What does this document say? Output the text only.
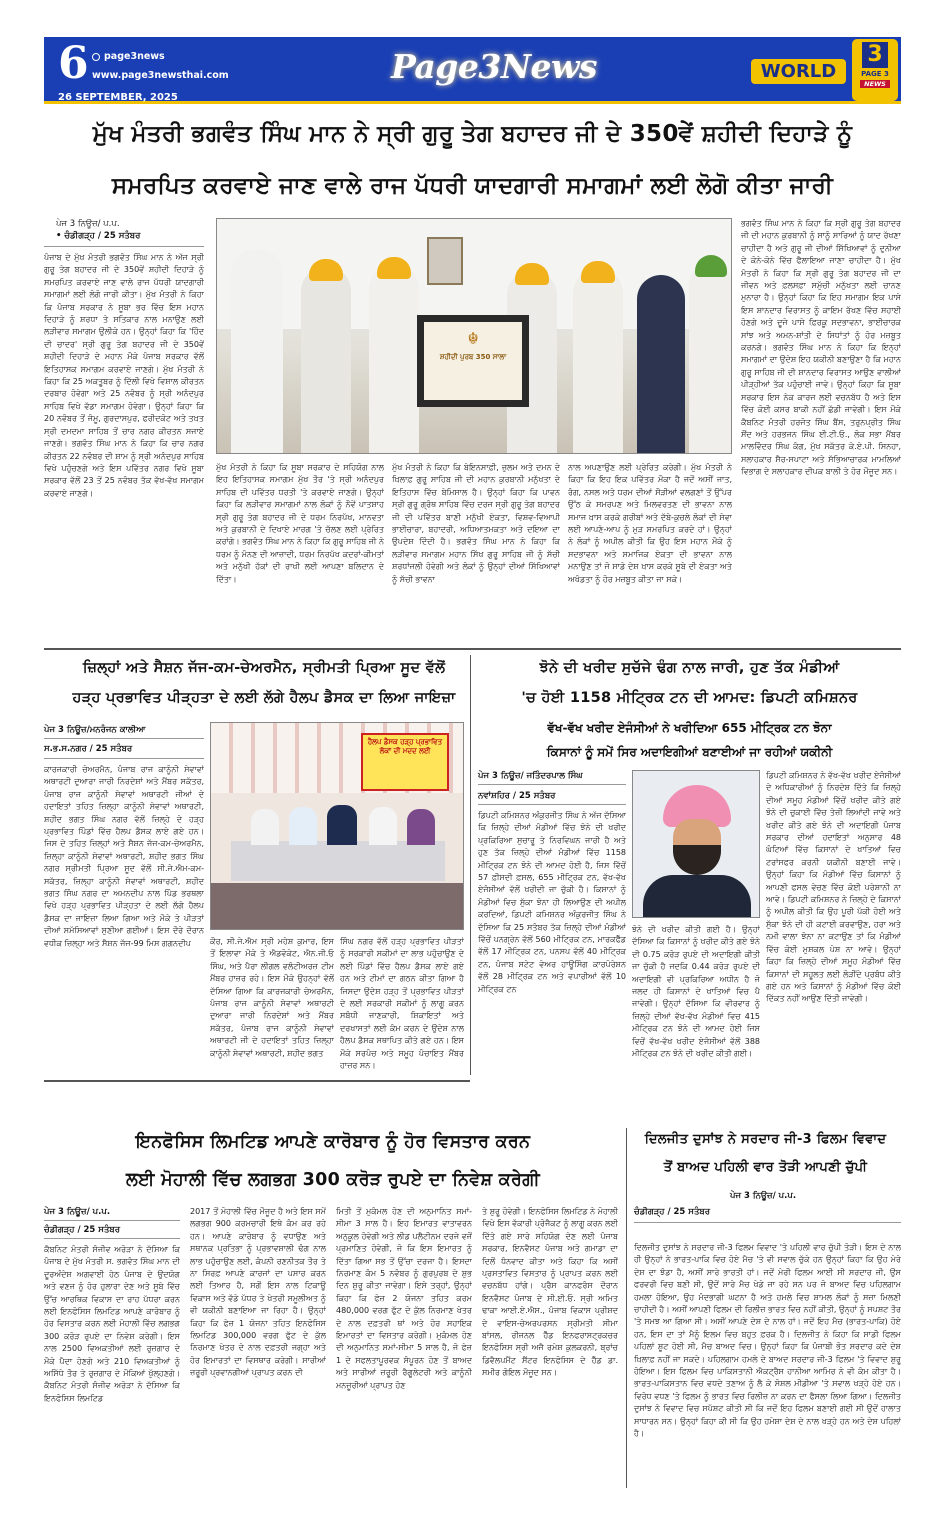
6 page3news
www.page3newsthai.com	Page3News	WORLD
3
PAGE 3
NEWS
26 SEPTEMBER, 2025
ਮੁੱਖ ਮੰਤਰੀ ਭਗਵੰਤ ਸਿੰਘ ਮਾਨ ਨੇ ਸ੍ਰੀ ਗੁਰੂ ਤੇਗ ਬਹਾਦਰ ਜੀ ਦੇ 350ਵੇਂ ਸ਼ਹੀਦੀ ਦਿਹਾੜੇ ਨੂੰ
ਸਮਰਪਿਤ ਕਰਵਾਏ ਜਾਣ ਵਾਲੇ ਰਾਜ ਪੱਧਰੀ ਯਾਦਗਾਰੀ ਸਮਾਗਮਾਂ ਲਈ ਲੋਗੋ ਕੀਤਾ ਜਾਰੀ
ਪੇਜ 3 ਨਿਊਜ਼/ ਪ.ਪ.
• ਚੰਡੀਗੜ੍ਹ / 25 ਸਤੰਬਰ
ਪੰਜਾਬ ਦੇ ਮੁੱਖ ਮੰਤਰੀ ਭਗਵੰਤ ਸਿੰਘ ਮਾਨ ਨੇ ਅੱਜ ਸ੍ਰੀ ਗੁਰੂ ਤੇਗ ਬਹਾਦਰ ਜੀ ਦੇ 350ਵੇਂ ਸ਼ਹੀਦੀ ਦਿਹਾੜੇ ਨੂੰ ਸਮਰਪਿਤ ਕਰਵਾਏ ਜਾਣ ਵਾਲੇ ਰਾਜ ਪੱਧਰੀ ਯਾਦਗਾਰੀ ਸਮਾਗਮਾਂ ਲਈ ਲੋਗੋ ਜਾਰੀ ਕੀਤਾ। ਮੁੱਖ ਮੰਤਰੀ ਨੇ ਕਿਹਾ ਕਿ ਪੰਜਾਬ ਸਰਕਾਰ ਨੇ ਸੂਬਾ ਭਰ ਵਿੱਚ ਇਸ ਮਹਾਨ ਦਿਹਾੜੇ ਨੂੰ ਸ਼ਰਧਾ ਤੇ ਸਤਿਕਾਰ ਨਾਲ ਮਨਾਉਣ ਲਈ ਲੜੀਵਾਰ ਸਮਾਗਮ ਉਲੀਕੇ ਹਨ। ਉਨ੍ਹਾਂ ਕਿਹਾ ਕਿ 'ਹਿੰਦ ਦੀ ਚਾਦਰ' ਸ੍ਰੀ ਗੁਰੂ ਤੇਗ ਬਹਾਦਰ ਜੀ ਦੇ 350ਵੇਂ ਸ਼ਹੀਦੀ ਦਿਹਾੜੇ ਦੇ ਮਹਾਨ ਮੌਕੇ ਪੰਜਾਬ ਸਰਕਾਰ ਵੱਲੋਂ ਇਤਿਹਾਸਕ ਸਮਾਗਮ ਕਰਵਾਏ ਜਾਣਗੇ। ਮੁੱਖ ਮੰਤਰੀ ਨੇ ਕਿਹਾ ਕਿ 25 ਅਕਤੂਬਰ ਨੂੰ ਦਿੱਲੀ ਵਿਖੇ ਵਿਸ਼ਾਲ ਕੀਰਤਨ ਦਰਬਾਰ ਹੋਵੇਗਾ ਅਤੇ 25 ਨਵੰਬਰ ਨੂੰ ਸ੍ਰੀ ਅਨੰਦਪੁਰ ਸਾਹਿਬ ਵਿਖੇ ਵੱਡਾ ਸਮਾਗਮ ਹੋਵੇਗਾ। ਉਨ੍ਹਾਂ ਕਿਹਾ ਕਿ 20 ਨਵੰਬਰ ਤੋਂ ਜੰਮੂ, ਗੁਰਦਾਸਪੁਰ, ਫਰੀਦਕੋਟ ਅਤੇ ਤਖ਼ਤ ਸ੍ਰੀ ਦਮਦਮਾ ਸਾਹਿਬ ਤੋਂ ਚਾਰ ਨਗਰ ਕੀਰਤਨ ਸਜਾਏ ਜਾਣਗੇ। ਭਗਵੰਤ ਸਿੰਘ ਮਾਨ ਨੇ ਕਿਹਾ ਕਿ ਚਾਰ ਨਗਰ ਕੀਰਤਨ 22 ਨਵੰਬਰ ਦੀ ਸ਼ਾਮ ਨੂੰ ਸ੍ਰੀ ਅਨੰਦਪੁਰ ਸਾਹਿਬ ਵਿਖੇ ਪਹੁੰਚਣਗੇ ਅਤੇ ਇਸ ਪਵਿੱਤਰ ਨਗਰ ਵਿਖੇ ਸੂਬਾ ਸਰਕਾਰ ਵੱਲੋਂ 23 ਤੋਂ 25 ਨਵੰਬਰ ਤੱਕ ਵੱਖ-ਵੱਖ ਸਮਾਗਮ ਕਰਵਾਏ ਜਾਣਗੇ।
☬
ਸ਼ਹੀਦੀ ਪੁਰਬ 350 ਸਾਲਾ
ਮੁੱਖ ਮੰਤਰੀ ਨੇ ਕਿਹਾ ਕਿ ਸੂਬਾ ਸਰਕਾਰ ਦੇ ਸਹਿਯੋਗ ਨਾਲ ਇਹ ਇਤਿਹਾਸਕ ਸਮਾਗਮ ਮੁੱਖ ਤੌਰ 'ਤੇ ਸ੍ਰੀ ਅਨੰਦਪੁਰ ਸਾਹਿਬ ਦੀ ਪਵਿੱਤਰ ਧਰਤੀ 'ਤੇ ਕਰਵਾਏ ਜਾਣਗੇ। ਉਨ੍ਹਾਂ ਕਿਹਾ ਕਿ ਲੜੀਵਾਰ ਸਮਾਗਮਾਂ ਨਾਲ ਲੋਕਾਂ ਨੂੰ ਨੌਵੇਂ ਪਾਤਸ਼ਾਹ ਸ੍ਰੀ ਗੁਰੂ ਤੇਗ ਬਹਾਦਰ ਜੀ ਦੇ ਧਰਮ ਨਿਰਪੱਖ, ਮਾਨਵਤਾ ਅਤੇ ਕੁਰਬਾਨੀ ਦੇ ਦਿਖਾਏ ਮਾਰਗ 'ਤੇ ਚੱਲਣ ਲਈ ਪ੍ਰੇਰਿਤ ਕਰਾਂਗੇ। ਭਗਵੰਤ ਸਿੰਘ ਮਾਨ ਨੇ ਕਿਹਾ ਕਿ ਗੁਰੂ ਸਾਹਿਬ ਜੀ ਨੇ ਧਰਮ ਨੂੰ ਮੰਨਣ ਦੀ ਆਜ਼ਾਦੀ, ਧਰਮ ਨਿਰਪੱਖ ਕਦਰਾਂ-ਕੀਮਤਾਂ ਅਤੇ ਮਨੁੱਖੀ ਹੱਕਾਂ ਦੀ ਰਾਖੀ ਲਈ ਆਪਣਾ ਬਲਿਦਾਨ ਦੇ ਦਿੱਤਾ।
ਮੁੱਖ ਮੰਤਰੀ ਨੇ ਕਿਹਾ ਕਿ ਬੇਇਨਸਾਫ਼ੀ, ਜ਼ੁਲਮ ਅਤੇ ਦਮਨ ਦੇ ਖ਼ਿਲਾਫ਼ ਗੁਰੂ ਸਾਹਿਬ ਜੀ ਦੀ ਮਹਾਨ ਕੁਰਬਾਨੀ ਮਨੁੱਖਤਾ ਦੇ ਇਤਿਹਾਸ ਵਿੱਚ ਬੇਮਿਸਾਲ ਹੈ। ਉਨ੍ਹਾਂ ਕਿਹਾ ਕਿ ਪਾਵਨ ਸ੍ਰੀ ਗੁਰੂ ਗ੍ਰੰਥ ਸਾਹਿਬ ਵਿੱਚ ਦਰਜ ਸ੍ਰੀ ਗੁਰੂ ਤੇਗ ਬਹਾਦਰ ਜੀ ਦੀ ਪਵਿੱਤਰ ਬਾਣੀ ਮਨੁੱਖੀ ਏਕਤਾ, ਵਿਸ਼ਵ-ਵਿਆਪੀ ਭਾਈਚਾਰਾ, ਬਹਾਦਰੀ, ਅਧਿਆਤਮਕਤਾ ਅਤੇ ਦਇਆ ਦਾ ਉਪਦੇਸ਼ ਦਿੰਦੀ ਹੈ। ਭਗਵੰਤ ਸਿੰਘ ਮਾਨ ਨੇ ਕਿਹਾ ਕਿ ਲੜੀਵਾਰ ਸਮਾਗਮ ਮਹਾਨ ਸਿੱਖ ਗੁਰੂ ਸਾਹਿਬ ਜੀ ਨੂੰ ਸੱਚੀ ਸ਼ਰਧਾਂਜਲੀ ਹੋਵੇਗੀ ਅਤੇ ਲੋਕਾਂ ਨੂੰ ਉਨ੍ਹਾਂ ਦੀਆਂ ਸਿੱਖਿਆਵਾਂ ਨੂੰ ਸੱਚੀ ਭਾਵਨਾ
ਨਾਲ ਅਪਣਾਉਣ ਲਈ ਪ੍ਰੇਰਿਤ ਕਰੇਗੀ। ਮੁੱਖ ਮੰਤਰੀ ਨੇ ਕਿਹਾ ਕਿ ਇਹ ਇਕ ਪਵਿੱਤਰ ਮੌਕਾ ਹੈ ਜਦੋਂ ਅਸੀਂ ਜਾਤ, ਰੰਗ, ਨਸਲ ਅਤੇ ਧਰਮ ਦੀਆਂ ਸੌੜੀਆਂ ਵਲਗਣਾਂ ਤੋਂ ਉੱਪਰ ਉੱਠ ਕੇ ਸਮਰਪਣ ਅਤੇ ਮਿਲਵਰਤਣ ਦੀ ਭਾਵਨਾ ਨਾਲ ਸਮਾਜ ਖ਼ਾਸ ਕਰਕੇ ਗਰੀਬਾਂ ਅਤੇ ਦੱਬੇ-ਕੁਚਲੇ ਲੋਕਾਂ ਦੀ ਸੇਵਾ ਲਈ ਆਪਣੇ-ਆਪ ਨੂੰ ਮੁੜ ਸਮਰਪਿਤ ਕਰਦੇ ਹਾਂ। ਉਨ੍ਹਾਂ ਨੇ ਲੋਕਾਂ ਨੂੰ ਅਪੀਲ ਕੀਤੀ ਕਿ ਉਹ ਇਸ ਮਹਾਨ ਮੌਕੇ ਨੂੰ ਸਦਭਾਵਨਾ ਅਤੇ ਸਮਾਜਿਕ ਏਕਤਾ ਦੀ ਭਾਵਨਾ ਨਾਲ ਮਨਾਉਣ ਤਾਂ ਜੋ ਸਾਡੇ ਦੇਸ਼ ਖ਼ਾਸ ਕਰਕੇ ਸੂਬੇ ਦੀ ਏਕਤਾ ਅਤੇ ਅਖੰਡਤਾ ਨੂੰ ਹੋਰ ਮਜ਼ਬੂਤ ਕੀਤਾ ਜਾ ਸਕੇ।
ਭਗਵੰਤ ਸਿੰਘ ਮਾਨ ਨੇ ਕਿਹਾ ਕਿ ਸ੍ਰੀ ਗੁਰੂ ਤੇਗ ਬਹਾਦਰ ਜੀ ਦੀ ਮਹਾਨ ਕੁਰਬਾਨੀ ਨੂੰ ਸਾਨੂੰ ਸਾਰਿਆਂ ਨੂੰ ਯਾਦ ਰੱਖਣਾ ਚਾਹੀਦਾ ਹੈ ਅਤੇ ਗੁਰੂ ਜੀ ਦੀਆਂ ਸਿੱਖਿਆਵਾਂ ਨੂੰ ਦੁਨੀਆ ਦੇ ਕੋਨੇ-ਕੋਨੇ ਵਿੱਚ ਫੈਲਾਇਆ ਜਾਣਾ ਚਾਹੀਦਾ ਹੈ। ਮੁੱਖ ਮੰਤਰੀ ਨੇ ਕਿਹਾ ਕਿ ਸ੍ਰੀ ਗੁਰੂ ਤੇਗ ਬਹਾਦਰ ਜੀ ਦਾ ਜੀਵਨ ਅਤੇ ਫ਼ਲਸਫ਼ਾ ਸਮੁੱਚੀ ਮਨੁੱਖਤਾ ਲਈ ਚਾਨਣ ਮੁਨਾਰਾ ਹੈ। ਉਨ੍ਹਾਂ ਕਿਹਾ ਕਿ ਇਹ ਸਮਾਗਮ ਇਕ ਪਾਸੇ ਇਸ ਸ਼ਾਨਦਾਰ ਵਿਰਾਸਤ ਨੂੰ ਕਾਇਮ ਰੱਖਣ ਵਿੱਚ ਸਹਾਈ ਹੋਣਗੇ ਅਤੇ ਦੂਜੇ ਪਾਸੇ ਫ਼ਿਰਕੂ ਸਦਭਾਵਨਾ, ਭਾਈਚਾਰਕ ਸਾਂਝ ਅਤੇ ਅਮਨ-ਸ਼ਾਂਤੀ ਦੇ ਸਿਧਾਂਤਾਂ ਨੂੰ ਹੋਰ ਮਜ਼ਬੂਤ ਕਰਨਗੇ। ਭਗਵੰਤ ਸਿੰਘ ਮਾਨ ਨੇ ਕਿਹਾ ਕਿ ਇਨ੍ਹਾਂ ਸਮਾਗਮਾਂ ਦਾ ਉਦੇਸ਼ ਇਹ ਯਕੀਨੀ ਬਣਾਉਣਾ ਹੈ ਕਿ ਮਹਾਨ ਗੁਰੂ ਸਾਹਿਬ ਜੀ ਦੀ ਸ਼ਾਨਦਾਰ ਵਿਰਾਸਤ ਆਉਣ ਵਾਲੀਆਂ ਪੀੜ੍ਹੀਆਂ ਤੱਕ ਪਹੁੰਚਾਈ ਜਾਵੇ। ਉਨ੍ਹਾਂ ਕਿਹਾ ਕਿ ਸੂਬਾ ਸਰਕਾਰ ਇਸ ਨੇਕ ਕਾਰਜ ਲਈ ਵਚਨਬੱਧ ਹੈ ਅਤੇ ਇਸ ਵਿੱਚ ਕੋਈ ਕਸਰ ਬਾਕੀ ਨਹੀਂ ਛੱਡੀ ਜਾਵੇਗੀ। ਇਸ ਮੌਕੇ ਕੈਬਨਿਟ ਮੰਤਰੀ ਹਰਜੋਤ ਸਿੰਘ ਬੈਂਸ, ਤਰੁਨਪ੍ਰੀਤ ਸਿੰਘ ਸੌਂਦ ਅਤੇ ਹਰਭਜਨ ਸਿੰਘ ਈ.ਟੀ.ਓ., ਲੋਕ ਸਭਾ ਮੈਂਬਰ ਮਾਲਵਿੰਦਰ ਸਿੰਘ ਕੰਗ, ਮੁੱਖ ਸਕੱਤਰ ਕੇ.ਏ.ਪੀ. ਸਿਨਹਾ, ਸਲਾਹਕਾਰ ਸੈਰ-ਸਪਾਟਾ ਅਤੇ ਸੱਭਿਆਚਾਰਕ ਮਾਮਲਿਆਂ ਵਿਭਾਗ ਦੇ ਸਲਾਹਕਾਰ ਦੀਪਕ ਬਾਲੀ ਤੇ ਹੋਰ ਮੌਜੂਦ ਸਨ।
ਜ਼ਿਲ੍ਹਾਂ ਅਤੇ ਸੈਸ਼ਨ ਜੱਜ-ਕਮ-ਚੇਅਰਮੈਨ, ਸ੍ਰੀਮਤੀ ਪ੍ਰਿਆ ਸੂਦ ਵੱਲੋਂ
ਹੜ੍ਹ ਪ੍ਰਭਾਵਿਤ ਪੀੜ੍ਹਤਾ ਦੇ ਲਈ ਲੱਗੇ ਹੈਲਪ ਡੈਸਕ ਦਾ ਲਿਆ ਜਾਇਜ਼ਾ
ਪੇਜ 3 ਨਿਊਜ਼/ਮਨਰੰਜਨ ਕਾਲੀਆ
ਸ.ਭ.ਸ.ਨਗਰ / 25 ਸਤੰਬਰ
ਕਾਰਜਕਾਰੀ ਚੇਅਰਮੈਨ, ਪੰਜਾਬ ਰਾਜ ਕਾਨੂੰਨੀ ਸੇਵਾਵਾਂ ਅਥਾਰਟੀ ਦੁਆਰਾ ਜਾਰੀ ਨਿਰਦੇਸ਼ਾਂ ਅਤੇ ਮੈਂਬਰ ਸਕੱਤਰ, ਪੰਜਾਬ ਰਾਜ ਕਾਨੂੰਨੀ ਸੇਵਾਵਾਂ ਅਥਾਰਟੀ ਜੀਆਂ ਦੇ ਹਦਾਇਤਾਂ ਤਹਿਤ ਜ਼ਿਲ੍ਹਾ ਕਾਨੂੰਨੀ ਸੇਵਾਵਾਂ ਅਥਾਰਟੀ, ਸ਼ਹੀਦ ਭਗਤ ਸਿੰਘ ਨਗਰ ਵੱਲੋਂ ਜ਼ਿਲ੍ਹੇ ਦੇ ਹੜ੍ਹ ਪ੍ਰਭਾਵਿਤ ਪਿੰਡਾਂ ਵਿੱਚ ਹੈਲਪ ਡੈਸਕ ਲਾਏ ਗਏ ਹਨ। ਜਿਸ ਦੇ ਤਹਿਤ ਜ਼ਿਲ੍ਹਾਂ ਅਤੇ ਸੈਸ਼ਨ ਜੱਜ-ਕਮ-ਚੇਅਰਮੈਨ, ਜ਼ਿਲ੍ਹਾ ਕਾਨੂੰਨੀ ਸੇਵਾਵਾਂ ਅਥਾਰਟੀ, ਸ਼ਹੀਦ ਭਗਤ ਸਿੰਘ ਨਗਰ ਸ੍ਰੀਮਤੀ ਪ੍ਰਿਆ ਸੂਦ ਵੱਲੋਂ ਸੀ.ਜੇ.ਐਮ-ਕਮ-ਸਕੱਤਰ, ਜ਼ਿਲ੍ਹਾ ਕਾਨੂੰਨੀ ਸੇਵਾਵਾਂ ਅਥਾਰਟੀ, ਸ਼ਹੀਦ ਭਗਤ ਸਿੰਘ ਨਗਰ ਦਾ ਅਮਨਦੀਪ ਨਾਲ ਪਿੰਡ ਭਰਥਲਾ ਵਿਖੇ ਹੜ੍ਹ ਪ੍ਰਭਾਵਿਤ ਪੀੜ੍ਹਤਾ ਦੇ ਲਈ ਲੱਗੇ ਹੈਲਪ ਡੈਸਕ ਦਾ ਜਾਇਜ਼ਾ ਲਿਆ ਗਿਆ ਅਤੇ ਮੌਕੇ ਤੇ ਪੀੜਤਾਂ ਦੀਆਂ ਸਮੱਸਿਆਵਾਂ ਸੁਣੀਆ ਗਈਆਂ। ਇਸ ਦੌਰੇ ਦੌਰਾਨ ਵਧੀਕ ਜ਼ਿਲ੍ਹਾ ਅਤੇ ਸੈਸ਼ਨ ਜੱਜ-99 ਮਿਸ ਗਗਨਦੀਪ
ਹੈਲਪ ਡੈਸਕ ਹੜ੍ਹ ਪ੍ਰਭਾਵਿਤ ਲੋਕਾਂ ਦੀ ਮਦਦ ਲਈ
ਕੌਰ, ਸੀ.ਜੇ.ਐਮ ਸ੍ਰੀ ਮਹੇਸ਼ ਕੁਮਾਰ, ਇਸ ਤੋਂ ਇਲਾਵਾ ਮੌਕੇ ਤੇ ਐਡਵੋਕੇਟ, ਐਨ.ਜੀ.ਓ ਸਿੰਘ, ਅਤੇ ਪੈਰਾ ਲੀਗਲ ਵਲੰਟੀਅਰਜ਼ ਟੀਮ ਮੈਂਬਰ ਹਾਜ਼ਰ ਰਹੇ। ਇਸ ਮੌਕੇ ਉਹਨ੍ਹਾਂ ਵੱਲੋਂ ਦੱਸਿਆ ਗਿਆ ਕਿ ਕਾਰਜਕਾਰੀ ਚੇਅਰਮੈਨ, ਪੰਜਾਬ ਰਾਜ ਕਾਨੂੰਨੀ ਸੇਵਾਵਾਂ ਅਥਾਰਟੀ ਦੁਆਰਾ ਜਾਰੀ ਨਿਰਦੇਸ਼ਾਂ ਅਤੇ ਮੈਂਬਰ ਸਕੱਤਰ, ਪੰਜਾਬ ਰਾਜ ਕਾਨੂੰਨੀ ਸੇਵਾਵਾਂ ਅਥਾਰਟੀ ਜੀ ਦੇ ਹਦਾਇਤਾਂ ਤਹਿਤ ਜ਼ਿਲ੍ਹਾ ਕਾਨੂੰਨੀ ਸੇਵਾਵਾਂ ਅਥਾਰਟੀ, ਸ਼ਹੀਦ ਭਗਤ
ਸਿੰਘ ਨਗਰ ਵੱਲੋਂ ਹੜ੍ਹ ਪ੍ਰਭਾਵਿਤ ਪੀੜਤਾਂ ਨੂੰ ਸਰਕਾਰੀ ਸਕੀਮਾਂ ਦਾ ਲਾਭ ਪਹੁੰਚਾਉਣ ਦੇ ਲਈ ਪਿੰਡਾਂ ਵਿੱਚ ਹੈਲਪ ਡੈਸਕ ਲਾਏ ਗਏ ਹਨ ਅਤੇ ਟੀਮਾਂ ਦਾ ਗਠਨ ਕੀਤਾ ਗਿਆ ਹੈ ਜਿਸਦਾ ਉਦੇਸ਼ ਹੜ੍ਹ ਤੋਂ ਪ੍ਰਭਾਵਿਤ ਪੀੜਤਾਂ ਦੇ ਲਈ ਸਰਕਾਰੀ ਸਕੀਮਾਂ ਨੂੰ ਲਾਗੂ ਕਰਨ ਸਬੰਧੀ ਜਾਣਕਾਰੀ, ਸ਼ਿਕਾਇਤਾਂ ਅਤੇ ਦਰਖਾਸਤਾਂ ਲਈ ਕੰਮ ਕਰਨ ਦੇ ਉਦੇਸ਼ ਨਾਲ ਹੈਲਪ ਡੈਸਕ ਸਥਾਪਿਤ ਕੀਤੇ ਗਏ ਹਨ। ਇਸ ਮੌਕੇ ਸਰਪੰਚ ਅਤੇ ਸਮੂਹ ਪੰਚਾਇਤ ਮੈਂਬਰ ਹਾਜ਼ਰ ਸਨ।
ਝੋਨੇ ਦੀ ਖਰੀਦ ਸੁਚੱਜੇ ਢੰਗ ਨਾਲ ਜਾਰੀ, ਹੁਣ ਤੱਕ ਮੰਡੀਆਂ
'ਚ ਹੋਈ 1158 ਮੀਟ੍ਰਿਕ ਟਨ ਦੀ ਆਮਦ: ਡਿਪਟੀ ਕਮਿਸ਼ਨਰ
ਵੱਖ-ਵੱਖ ਖਰੀਦ ਏਜੰਸੀਆਂ ਨੇ ਖਰੀਦਿਆ 655 ਮੀਟ੍ਰਿਕ ਟਨ ਝੋਨਾ
ਕਿਸਾਨਾਂ ਨੂੰ ਸਮੇਂ ਸਿਰ ਅਦਾਇਗੀਆਂ ਬਣਾਈਆਂ ਜਾ ਰਹੀਆਂ ਯਕੀਨੀ
ਪੇਜ 3 ਨਿਊਜ਼/ ਜਤਿੰਦਰਪਾਲ ਸਿੰਘ
ਨਵਾਂਸ਼ਹਿਰ / 25 ਸਤੰਬਰ
ਡਿਪਟੀ ਕਮਿਸ਼ਨਰ ਅੰਕੁਰਜੀਤ ਸਿੰਘ ਨੇ ਅੱਜ ਦੱਸਿਆ ਕਿ ਜ਼ਿਲ੍ਹੇ ਦੀਆਂ ਮੰਡੀਆਂ ਵਿੱਚ ਝੋਨੇ ਦੀ ਖਰੀਦ ਪ੍ਰਕਿਰਿਆ ਸੁਚਾਰੂ ਤੇ ਨਿਰਵਿਘਨ ਜਾਰੀ ਹੈ ਅਤੇ ਹੁਣ ਤੱਕ ਜ਼ਿਲ੍ਹੇ ਦੀਆਂ ਮੰਡੀਆਂ ਵਿੱਚ 1158 ਮੀਟ੍ਰਿਕ ਟਨ ਝੋਨੇ ਦੀ ਆਮਦ ਹੋਈ ਹੈ, ਜਿਸ ਵਿੱਚੋਂ 57 ਫ਼ੀਸਦੀ ਫ਼ਸਲ, 655 ਮੀਟ੍ਰਿਕ ਟਨ, ਵੱਖ-ਵੱਖ ਏਜੰਸੀਆਂ ਵੱਲੋਂ ਖਰੀਦੀ ਜਾ ਚੁੱਕੀ ਹੈ। ਕਿਸਾਨਾਂ ਨੂੰ ਮੰਡੀਆਂ ਵਿਚ ਸੁੱਕਾ ਝੋਨਾ ਹੀ ਲਿਆਉਣ ਦੀ ਅਪੀਲ ਕਰਦਿਆਂ, ਡਿਪਟੀ ਕਮਿਸ਼ਨਰ ਅੰਕੁਰਜੀਤ ਸਿੰਘ ਨੇ ਦੱਸਿਆ ਕਿ 25 ਸਤੰਬਰ ਤੱਕ ਜ਼ਿਲ੍ਹੇ ਦੀਆਂ ਮੰਡੀਆਂ ਵਿੱਚੋਂ ਪਨਗ੍ਰੇਨ ਵੱਲੋਂ 560 ਮੀਟ੍ਰਿਕ ਟਨ, ਮਾਰਕਫੈੱਡ ਵੱਲੋਂ 17 ਮੀਟ੍ਰਿਕ ਟਨ, ਪਨਸਪ ਵੱਲੋਂ 40 ਮੀਟ੍ਰਿਕ ਟਨ, ਪੰਜਾਬ ਸਟੇਟ ਵੇਅਰ ਹਾਊਸਿੰਗ ਕਾਰਪੋਰੇਸ਼ਨ ਵੱਲੋਂ 28 ਮੀਟ੍ਰਿਕ ਟਨ ਅਤੇ ਵਪਾਰੀਆਂ ਵੱਲੋਂ 10 ਮੀਟ੍ਰਿਕ ਟਨ
ਝੋਨੇ ਦੀ ਖਰੀਦ ਕੀਤੀ ਗਈ ਹੈ। ਉਨ੍ਹਾਂ ਦੱਸਿਆ ਕਿ ਕਿਸਾਨਾਂ ਨੂੰ ਖਰੀਦ ਕੀਤੇ ਗਏ ਝੋਨੇ ਦੀ 0.75 ਕਰੋੜ ਰੁਪਏ ਦੀ ਅਦਾਇਗੀ ਕੀਤੀ ਜਾ ਚੁੱਕੀ ਹੈ ਜਦਕਿ 0.44 ਕਰੋੜ ਰੁਪਏ ਦੀ ਅਦਾਇਗੀ ਵੀ ਪ੍ਰਕਿਰਿਆ ਅਧੀਨ ਹੈ ਜੋ ਜਲਦ ਹੀ ਕਿਸਾਨਾਂ ਦੇ ਖਾਤਿਆਂ ਵਿਚ ਪੈ ਜਾਵੇਗੀ। ਉਨ੍ਹਾਂ ਦੱਸਿਆ ਕਿ ਵੀਰਵਾਰ ਨੂੰ ਜ਼ਿਲ੍ਹੇ ਦੀਆਂ ਵੱਖ-ਵੱਖ ਮੰਡੀਆਂ ਵਿਚ 415 ਮੀਟ੍ਰਿਕ ਟਨ ਝੋਨੇ ਦੀ ਆਮਦ ਹੋਈ ਜਿਸ ਵਿਚੋਂ ਵੱਖ-ਵੱਖ ਖਰੀਦ ਏਜੰਸੀਆਂ ਵੱਲੋਂ 388 ਮੀਟ੍ਰਿਕ ਟਨ ਝੋਨੇ ਦੀ ਖਰੀਦ ਕੀਤੀ ਗਈ।
ਡਿਪਟੀ ਕਮਿਸ਼ਨਰ ਨੇ ਵੱਖ-ਵੱਖ ਖਰੀਦ ਏਜੰਸੀਆਂ ਦੇ ਅਧਿਕਾਰੀਆਂ ਨੂੰ ਨਿਰਦੇਸ਼ ਦਿੱਤੇ ਕਿ ਜ਼ਿਲ੍ਹੇ ਦੀਆਂ ਸਮੂਹ ਮੰਡੀਆਂ ਵਿੱਚੋਂ ਖਰੀਦ ਕੀਤੇ ਗਏ ਝੋਨੇ ਦੀ ਚੁਕਾਈ ਵਿੱਚ ਤੇਜ਼ੀ ਲਿਆਂਦੀ ਜਾਵੇ ਅਤੇ ਖਰੀਦ ਕੀਤੇ ਗਏ ਝੋਨੇ ਦੀ ਅਦਾਇਗੀ ਪੰਜਾਬ ਸਰਕਾਰ ਦੀਆਂ ਹਦਾਇਤਾਂ ਅਨੁਸਾਰ 48 ਘੰਟਿਆਂ ਵਿੱਚ ਕਿਸਾਨਾਂ ਦੇ ਖਾਤਿਆਂ ਵਿਚ ਟਰਾਂਸਫਰ ਕਰਨੀ ਯਕੀਨੀ ਬਣਾਈ ਜਾਵੇ। ਉਨ੍ਹਾਂ ਕਿਹਾ ਕਿ ਮੰਡੀਆਂ ਵਿੱਚ ਕਿਸਾਨਾਂ ਨੂੰ ਆਪਣੀ ਫਸਲ ਵੇਚਣ ਵਿੱਚ ਕੋਈ ਪਰੇਸ਼ਾਨੀ ਨਾ ਆਵੇ। ਡਿਪਟੀ ਕਮਿਸ਼ਨਰ ਨੇ ਜ਼ਿਲ੍ਹੇ ਦੇ ਕਿਸਾਨਾਂ ਨੂੰ ਅਪੀਲ ਕੀਤੀ ਕਿ ਉਹ ਪੂਰੀ ਪੱਕੀ ਹੋਈ ਅਤੇ ਸੁੱਕਾ ਝੋਨੇ ਦੀ ਹੀ ਕਟਾਈ ਕਰਵਾਉਣ, ਹਰਾ ਅਤੇ ਨਮੀ ਵਾਲਾ ਝੋਨਾ ਨਾ ਕਟਾਉਣ ਤਾਂ ਕਿ ਮੰਡੀਆਂ ਵਿੱਚ ਕੋਈ ਮੁਸ਼ਕਲ ਪੇਸ਼ ਨਾ ਆਵੇ। ਉਨ੍ਹਾਂ ਕਿਹਾ ਕਿ ਜ਼ਿਲ੍ਹੇ ਦੀਆਂ ਸਮੂਹ ਮੰਡੀਆਂ ਵਿੱਚ ਕਿਸਾਨਾਂ ਦੀ ਸਹੂਲਤ ਲਈ ਲੋੜੀਂਦੇ ਪ੍ਰਬੰਧ ਕੀਤੇ ਗਏ ਹਨ ਅਤੇ ਕਿਸਾਨਾਂ ਨੂੰ ਮੰਡੀਆਂ ਵਿੱਚ ਕੋਈ ਦਿੱਕਤ ਨਹੀਂ ਆਉਣ ਦਿੱਤੀ ਜਾਵੇਗੀ।
ਇਨਫੋਸਿਸ ਲਿਮਟਿਡ ਆਪਣੇ ਕਾਰੋਬਾਰ ਨੂੰ ਹੋਰ ਵਿਸਤਾਰ ਕਰਨ
ਲਈ ਮੋਹਾਲੀ ਵਿੱਚ ਲਗਭਗ 300 ਕਰੋੜ ਰੁਪਏ ਦਾ ਨਿਵੇਸ਼ ਕਰੇਗੀ
ਪੇਜ 3 ਨਿਊਜ਼/ ਪ.ਪ.
ਚੰਡੀਗੜ੍ਹ / 25 ਸਤੰਬਰ
ਕੈਬਨਿਟ ਮੰਤਰੀ ਸੰਜੀਵ ਅਰੋੜਾ ਨੇ ਦੱਸਿਆ ਕਿ ਪੰਜਾਬ ਦੇ ਮੁੱਖ ਮੰਤਰੀ ਸ. ਭਗਵੰਤ ਸਿੰਘ ਮਾਨ ਦੀ ਦੂਰਅੰਦੇਸ਼ ਅਗਵਾਈ ਹੇਠ ਪੰਜਾਬ ਦੇ ਉਦਯੋਗ ਅਤੇ ਵਣਜ ਨੂੰ ਹੋਰ ਹੁਲਾਰਾ ਦੇਣ ਅਤੇ ਸੂਬੇ ਵਿੱਚ ਉੱਚ ਆਰਥਿਕ ਵਿਕਾਸ ਦਾ ਰਾਹ ਪੱਧਰਾ ਕਰਨ ਲਈ ਇਨਫੋਸਿਸ ਲਿਮਟਿਡ ਆਪਣੇ ਕਾਰੋਬਾਰ ਨੂੰ ਹੋਰ ਵਿਸਤਾਰ ਕਰਨ ਲਈ ਮੋਹਾਲੀ ਵਿੱਚ ਲਗਭਗ 300 ਕਰੋੜ ਰੁਪਏ ਦਾ ਨਿਵੇਸ਼ ਕਰੇਗੀ। ਇਸ ਨਾਲ 2500 ਵਿਅਕਤੀਆਂ ਲਈ ਰੁਜ਼ਗਾਰ ਦੇ ਮੌਕੇ ਪੈਦਾ ਹੋਣਗੇ ਅਤੇ 210 ਵਿਅਕਤੀਆਂ ਨੂੰ ਅਸਿੱਧੇ ਤੌਰ ਤੇ ਰੁਜ਼ਗਾਰ ਦੇ ਮੌਕਿਆਂ ਖੁੱਲ੍ਹਣਗੇ। ਕੈਬਨਿਟ ਮੰਤਰੀ ਸੰਜੀਵ ਅਰੋੜਾ ਨੇ ਦੱਸਿਆ ਕਿ ਇਨਫੋਸਿਸ ਲਿਮਟਿਡ
2017 ਤੋਂ ਮੋਹਾਲੀ ਵਿੱਚ ਮੌਜੂਦ ਹੈ ਅਤੇ ਇਸ ਸਮੇਂ ਲਗਭਗ 900 ਕਰਮਚਾਰੀ ਇਥੇ ਕੰਮ ਕਰ ਰਹੇ ਹਨ। ਆਪਣੇ ਕਾਰੋਬਾਰ ਨੂੰ ਵਧਾਉਣ ਅਤੇ ਸਥਾਨਕ ਪ੍ਰਤਿਭਾ ਨੂੰ ਪ੍ਰਭਾਵਸ਼ਾਲੀ ਢੰਗ ਨਾਲ ਲਾਭ ਪਹੁੰਚਾਉਣ ਲਈ, ਕੰਪਨੀ ਰਣਨੀਤਕ ਤੌਰ ਤੇ ਨਾ ਸਿਰਫ਼ ਆਪਣੇ ਕਾਰਜਾਂ ਦਾ ਪਸਾਰ ਕਰਨ ਲਈ ਤਿਆਰ ਹੈ, ਸਗੋਂ ਇਸ ਨਾਲ ਟਿਕਾਊ ਵਿਕਾਸ ਅਤੇ ਵੱਡੇ ਪੱਧਰ ਤੇ ਖੇਤਰੀ ਸਮੂਲੀਅਤ ਨੂੰ ਵੀ ਯਕੀਨੀ ਬਣਾਇਆ ਜਾ ਰਿਹਾ ਹੈ। ਉਨ੍ਹਾਂ ਕਿਹਾ ਕਿ ਫੇਜ਼ 1 ਯੋਜਨਾ ਤਹਿਤ ਇਨਫੋਸਿਸ ਲਿਮਟਿਡ 300,000 ਵਰਗ ਫੁੱਟ ਦੇ ਕੁੱਲ ਨਿਰਮਾਣ ਖੇਤਰ ਦੇ ਨਾਲ ਦਫ਼ਤਰੀ ਜਗ੍ਹਾ ਅਤੇ ਹੋਰ ਇਮਾਰਤਾਂ ਦਾ ਵਿਸਥਾਰ ਕਰੇਗੀ। ਸਾਰੀਆਂ ਜ਼ਰੂਰੀ ਪ੍ਰਵਾਨਗੀਆਂ ਪ੍ਰਾਪਤ ਕਰਨ ਦੀ
ਮਿਤੀ ਤੋਂ ਮੁਕੰਮਲ ਹੋਣ ਦੀ ਅਨੁਮਾਨਿਤ ਸਮਾਂ-ਸੀਮਾ 3 ਸਾਲ ਹੈ। ਇਹ ਇਮਾਰਤ ਵਾਤਾਵਰਨ ਅਨੁਕੂਲ ਹੋਵੇਗੀ ਅਤੇ ਲੀਡ ਪਲੈਟੀਨਮ ਦਰਜੇ ਵਜੋਂ ਪ੍ਰਮਾਣਿਤ ਹੋਵੇਗੀ, ਜੋ ਕਿ ਇਸ ਇਮਾਰਤ ਨੂੰ ਦਿੱਤਾ ਗਿਆ ਸਭ ਤੋਂ ਉੱਚਾ ਦਰਜਾ ਹੈ। ਇਸਦਾ ਨਿਰਮਾਣ ਕੰਮ 5 ਨਵੰਬਰ ਨੂੰ ਗੁਰਪੁਰਬ ਦੇ ਸ਼ੁਭ ਦਿਨ ਸ਼ੁਰੂ ਕੀਤਾ ਜਾਵੇਗਾ। ਇਸੇ ਤਰ੍ਹਾਂ, ਉਨ੍ਹਾਂ ਕਿਹਾ ਕਿ ਫੇਜ਼ 2 ਯੋਜਨਾ ਤਹਿਤ ਕਰਮ 480,000 ਵਰਗ ਫੁੱਟ ਦੇ ਕੁੱਲ ਨਿਰਮਾਣ ਖੇਤਰ ਦੇ ਨਾਲ ਦਫ਼ਤਰੀ ਥਾਂ ਅਤੇ ਹੋਰ ਸਹਾਇਕ ਇਮਾਰਤਾਂ ਦਾ ਵਿਸਤਾਰ ਕਰੇਗੀ। ਮੁਕੰਮਲ ਹੋਣ ਦੀ ਅਨੁਮਾਨਿਤ ਸਮਾਂ-ਸੀਮਾ 5 ਸਾਲ ਹੈ, ਜੋ ਫੇਜ਼ 1 ਦੇ ਸਫਲਤਾਪੂਰਵਕ ਸੰਪੂਰਨ ਹੋਣ ਤੋਂ ਬਾਅਦ ਅਤੇ ਸਾਰੀਆਂ ਜ਼ਰੂਰੀ ਰੈਗੂਲੇਟਰੀ ਅਤੇ ਕਾਨੂੰਨੀ ਮਨਜ਼ੂਰੀਆਂ ਪ੍ਰਾਪਤ ਹੋਣ
ਤੇ ਸ਼ੁਰੂ ਹੋਵੇਗੀ। ਇਨਫੋਸਿਸ ਲਿਮਟਿਡ ਨੇ ਮੋਹਾਲੀ ਵਿਖੇ ਇਸ ਵੱਕਾਰੀ ਪ੍ਰੋਜੈਕਟ ਨੂੰ ਲਾਗੂ ਕਰਨ ਲਈ ਦਿੱਤੇ ਗਏ ਸਾਰੇ ਸਹਿਯੋਗ ਦੇਣ ਲਈ ਪੰਜਾਬ ਸਰਕਾਰ, ਇਨਵੈਸਟ ਪੰਜਾਬ ਅਤੇ ਗਮਾਡਾ ਦਾ ਦਿਲੋਂ ਧੰਨਵਾਦ ਕੀਤਾ ਅਤੇ ਕਿਹਾ ਕਿ ਅਸੀਂ ਪ੍ਰਸਤਾਵਿਤ ਵਿਸਤਾਰ ਨੂੰ ਪ੍ਰਾਪਤ ਕਰਨ ਲਈ ਵਚਨਬੱਧ ਹਾਂਗੇ। ਪ੍ਰੈਸ ਕਾਨਫਰੰਸ ਦੌਰਾਨ ਇਨਵੈਸਟ ਪੰਜਾਬ ਦੇ ਸੀ.ਈ.ਓ. ਸ੍ਰੀ ਅਮਿਤ ਢਾਕਾ ਆਈ.ਏ.ਐਸ., ਪੰਜਾਬ ਵਿਕਾਸ ਪ੍ਰੀਸ਼ਦ ਦੇ ਵਾਇਸ-ਚੇਅਰਪਰਸਨ ਸ੍ਰੀਮਤੀ ਸੀਮਾ ਬਾਂਸਲ, ਰੀਜਨਲ ਹੈੱਡ ਇਨਫਰਾਸਟ੍ਰਕਚਰ ਇਨਫੋਸਿਸ ਸ੍ਰੀ ਅਜੈ ਰਮੇਸ਼ ਕੁਲਕਰਨੀ, ਬ੍ਰਾਂਚ ਡਿਵੈਲਪਮੈਂਟ ਸੈਂਟਰ ਇਨਫੋਸਿਸ ਦੇ ਹੈੱਡ ਡਾ. ਸਮੀਰ ਗੋਇਲ ਮੌਜੂਦ ਸਨ।
ਦਿਲਜੀਤ ਦੁਸਾਂਝ ਨੇ ਸਰਦਾਰ ਜੀ-3 ਫਿਲਮ ਵਿਵਾਦ
ਤੋਂ ਬਾਅਦ ਪਹਿਲੀ ਵਾਰ ਤੋੜੀ ਆਪਣੀ ਚੁੱਪੀ
ਪੇਜ 3 ਨਿਊਜ਼/ ਪ.ਪ.
ਚੰਡੀਗੜ੍ਹ / 25 ਸਤੰਬਰ
ਦਿਲਜੀਤ ਦੁਸਾਂਝ ਨੇ ਸਰਦਾਰ ਜੀ-3 ਫਿਲਮ ਵਿਵਾਦ 'ਤੇ ਪਹਿਲੀ ਵਾਰ ਚੁੱਪੀ ਤੋੜੀ। ਇਸ ਦੇ ਨਾਲ ਹੀ ਉਨ੍ਹਾਂ ਨੇ ਭਾਰਤ-ਪਾਕਿ ਵਿਚ ਹੋਏ ਮੈਚ 'ਤੇ ਵੀ ਸਵਾਲ ਚੁੱਕੇ ਹਨ ਉਨ੍ਹਾਂ ਕਿਹਾ ਕਿ ਉਹ ਮੇਰੇ ਦੇਸ਼ ਦਾ ਝੰਡਾ ਹੈ, ਅਸੀਂ ਸਾਰੇ ਭਾਰਤੀ ਹਾਂ। ਜਦੋਂ ਮੇਰੀ ਫਿਲਮ ਆਈ ਸੀ ਸਰਦਾਰ ਜੀ, ਉਸ ਫਰਵਰੀ ਵਿਚ ਬਣੀ ਸੀ, ਉਦੋਂ ਸਾਰੇ ਮੈਚ ਖੇਡੇ ਜਾ ਰਹੇ ਸਨ ਪਰ ਜੋ ਬਾਅਦ ਵਿਚ ਪਹਿਲਗਾਮ ਹਮਲਾ ਹੋਇਆ, ਉਹ ਮੰਦਭਾਗੀ ਘਟਨਾ ਹੈ ਅਤੇ ਹਮਲੇ ਵਿਚ ਸ਼ਾਮਲ ਲੋਕਾਂ ਨੂੰ ਸਜ਼ਾ ਮਿਲਣੀ ਚਾਹੀਦੀ ਹੈ। ਅਸੀਂ ਆਪਣੀ ਫਿਲਮ ਦੀ ਰਿਲੀਜ਼ ਭਾਰਤ ਵਿਚ ਨਹੀਂ ਕੀਤੀ, ਉਨ੍ਹਾਂ ਨੂੰ ਸਪਸ਼ਟ ਤੌਰ 'ਤੇ ਸਮਝ ਆ ਗਿਆ ਸੀ। ਅਸੀਂ ਆਪਣੇ ਦੇਸ਼ ਦੇ ਨਾਲ ਹਾਂ। ਜਦੋਂ ਇਹ ਮੈਚ (ਭਾਰਤ-ਪਾਕਿ) ਹੋਏ ਹਨ, ਇਸ ਦਾ ਤਾਂ ਮੈਨੂੰ ਇਲਮ ਵਿਚ ਬਹੁਤ ਫ਼ਰਕ ਹੈ। ਦਿਲਜੀਤ ਨੇ ਕਿਹਾ ਕਿ ਸਾਡੀ ਫਿਲਮ ਪਹਿਲਾਂ ਸ਼ੂਟ ਹੋਈ ਸੀ, ਮੈਚ ਬਾਅਦ ਵਿਚ। ਉਨ੍ਹਾਂ ਕਿਹਾ ਕਿ ਪੰਜਾਬੀ ਭੋਤ ਸਰਦਾਰ ਕਦੇ ਦੇਸ਼ ਖ਼ਿਲਾਫ਼ ਨਹੀਂ ਜਾ ਸਕਦੇ। ਪਹਿਲਗਾਮ ਹਮਲੇ ਦੇ ਬਾਅਦ ਸਰਦਾਰ ਜੀ-3 ਫਿਲਮ 'ਤੇ ਵਿਵਾਦ ਸ਼ੁਰੂ ਹੋਇਆ। ਇਸ ਫਿਲਮ ਵਿਚ ਪਾਕਿਸਤਾਨੀ ਐਕਟ੍ਰੈਸ ਹਾਨੀਆ ਆਮਿਰ ਨੇ ਵੀ ਕੰਮ ਕੀਤਾ ਹੈ। ਭਾਰਤ-ਪਾਕਿਸਤਾਨ ਵਿਚ ਵਧਦੇ ਤਣਾਅ ਨੂੰ ਲੈ ਕੇ ਸੋਸ਼ਲ ਮੀਡੀਆ 'ਤੇ ਸਵਾਲ ਖੜ੍ਹੇ ਹੋਏ ਹਨ। ਵਿਰੋਧ ਵਧਣ 'ਤੇ ਫਿਲਮ ਨੂੰ ਭਾਰਤ ਵਿਚ ਰਿਲੀਜ਼ ਨਾ ਕਰਨ ਦਾ ਫੈਸਲਾ ਲਿਆ ਗਿਆ। ਦਿਲਜੀਤ ਦੁਸਾਂਝ ਨੇ ਵਿਵਾਦ ਵਿਚ ਸਪੱਸ਼ਟ ਕੀਤੀ ਸੀ ਕਿ ਜਦੋਂ ਇਹ ਫਿਲਮ ਬਣਾਈ ਗਈ ਸੀ ਉਦੋਂ ਹਾਲਾਤ ਸਾਧਾਰਨ ਸਨ। ਉਨ੍ਹਾਂ ਕਿਹਾ ਕੀ ਸੀ ਕਿ ਉਹ ਹਮੇਸ਼ਾ ਦੇਸ਼ ਦੇ ਨਾਲ ਖੜ੍ਹੇ ਹਨ ਅਤੇ ਦੇਸ਼ ਪਹਿਲਾਂ ਹੈ।
